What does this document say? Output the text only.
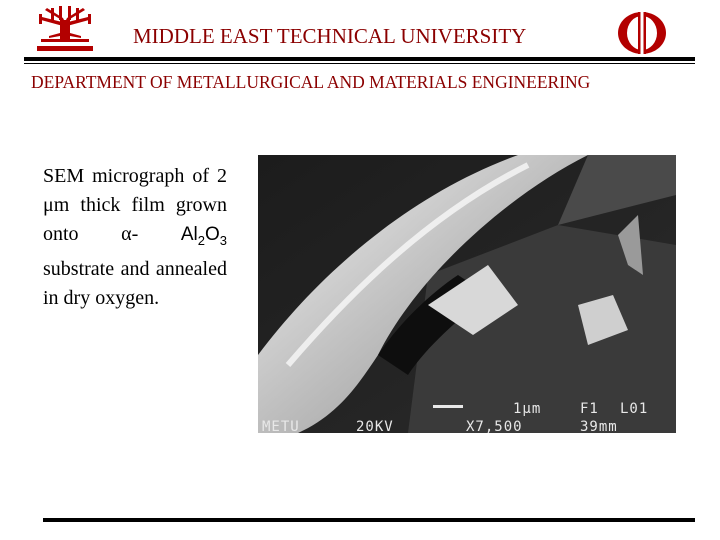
MIDDLE EAST TECHNICAL UNIVERSITY
DEPARTMENT OF METALLURGICAL AND MATERIALS ENGINEERING
SEM micrograph of 2 μm thick film grown onto α- $Al_2O_3$ substrate and annealed in dry oxygen.
1µm	F1 L01
METU	20KV	X7,500	39mm
